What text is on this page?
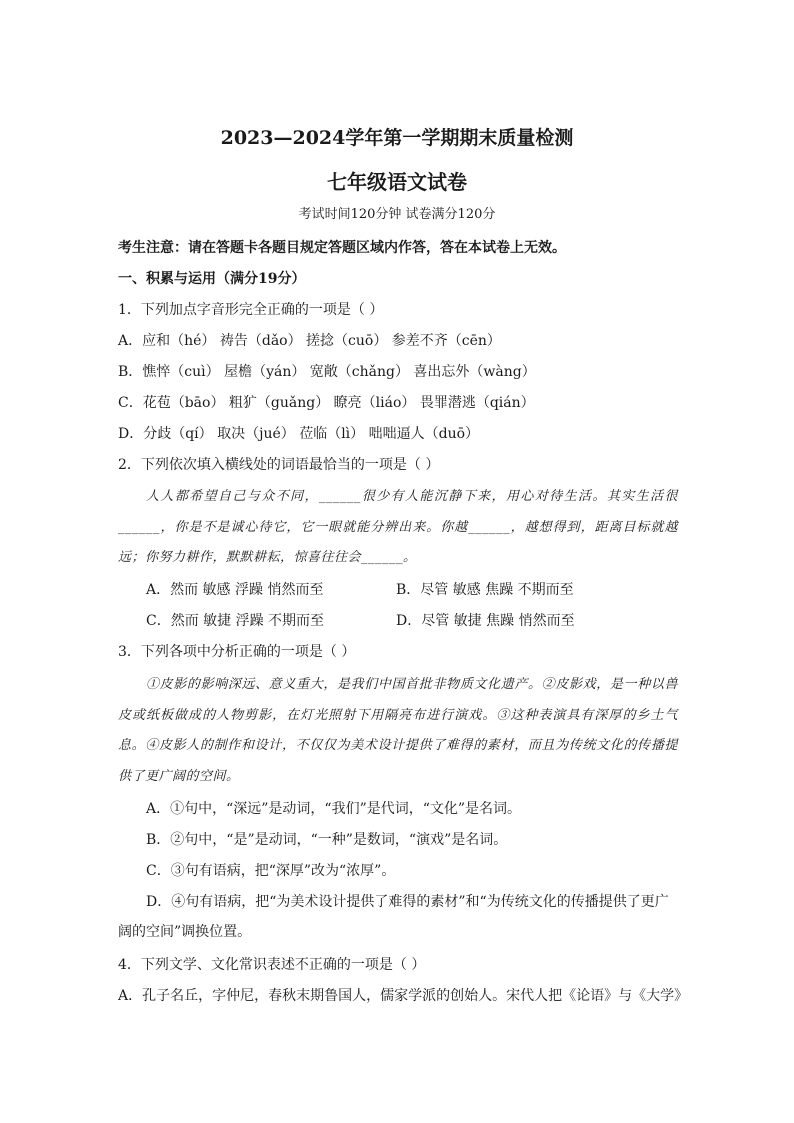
2023—2024学年第一学期期末质量检测
七年级语文试卷
考试时间120分钟 试卷满分120分
考生注意：请在答题卡各题目规定答题区域内作答，答在本试卷上无效。
一、积累与运用（满分19分）
1．下列加点字音形完全正确的一项是（ ）
A．应和（hé） 祷告（dǎo） 搓捻（cuō） 参差不齐（cēn）
B．憔悴（cuì） 屋檐（yán） 宽敞（chǎng） 喜出忘外（wàng）
C．花苞（bāo） 粗犷（guǎng） 瞭亮（liáo） 畏罪潜逃（qián）
D．分歧（qí） 取决（jué） 莅临（lì） 咄咄逼人（duō）
2．下列依次填入横线处的词语最恰当的一项是（ ）
人人都希望自己与众不同，______很少有人能沉静下来，用心对待生活。其实生活很______，你是不是诚心待它，它一眼就能分辨出来。你越______，越想得到，距离目标就越远；你努力耕作，默默耕耘，惊喜往往会______。
A．然而 敏感 浮躁 悄然而至	B．尽管 敏感 焦躁 不期而至
C．然而 敏捷 浮躁 不期而至	D．尽管 敏捷 焦躁 悄然而至
3．下列各项中分析正确的一项是（ ）
①皮影的影响深远、意义重大，是我们中国首批非物质文化遗产。②皮影戏，是一种以兽皮或纸板做成的人物剪影，在灯光照射下用隔亮布进行演戏。③这种表演具有深厚的乡土气息。④皮影人的制作和设计，不仅仅为美术设计提供了难得的素材，而且为传统文化的传播提供了更广阔的空间。
A．①句中，“深远”是动词，“我们”是代词，“文化”是名词。
B．②句中，“是”是动词，“一种”是数词，“演戏”是名词。
C．③句有语病，把“深厚”改为“浓厚”。
D．④句有语病，把“为美术设计提供了难得的素材”和“为传统文化的传播提供了更广阔的空间”调换位置。
4．下列文学、文化常识表述不正确的一项是（ ）
A．孔子名丘，字仲尼，春秋末期鲁国人，儒家学派的创始人。宋代人把《论语》与《大学》
